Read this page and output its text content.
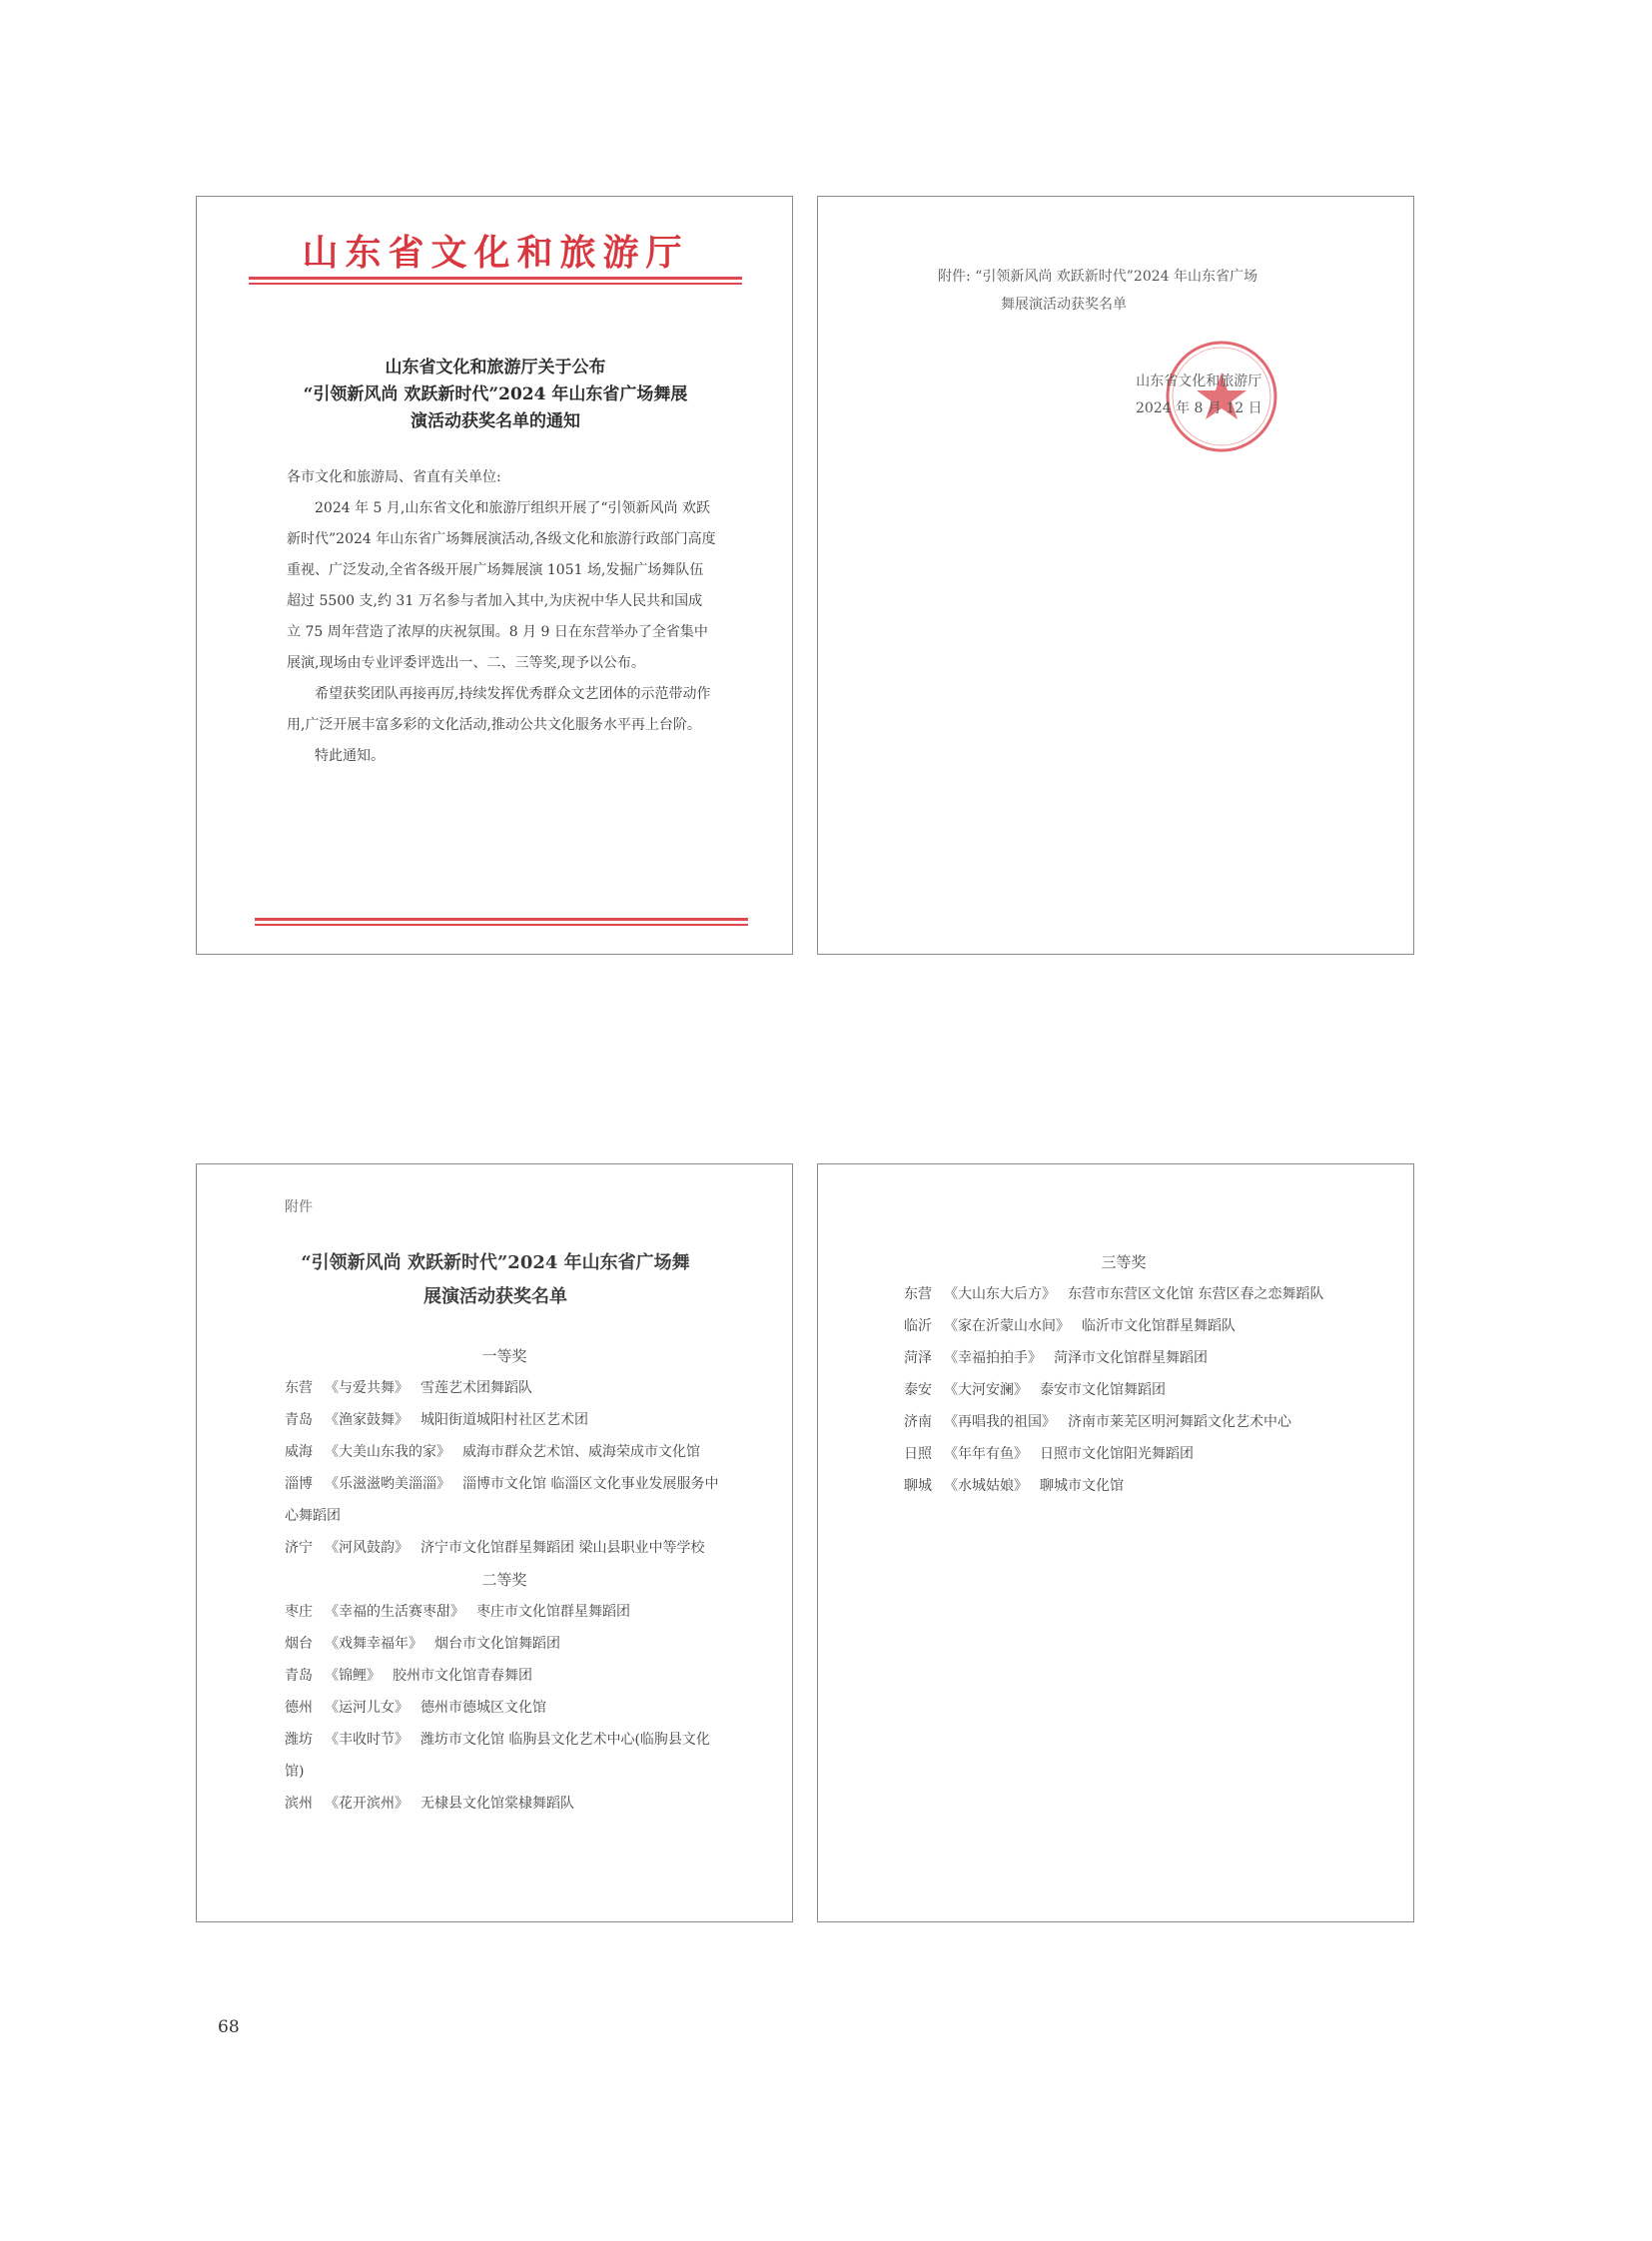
山东省文化和旅游厅
山东省文化和旅游厅关于公布
“引领新风尚 欢跃新时代”2024 年山东省广场舞展
演活动获奖名单的通知

各市文化和旅游局、省直有关单位:

2024 年 5 月,山东省文化和旅游厅组织开展了“引领新风尚 欢跃新时代”2024 年山东省广场舞展演活动,各级文化和旅游行政部门高度重视、广泛发动,全省各级开展广场舞展演 1051 场,发掘广场舞队伍超过 5500 支,约 31 万名参与者加入其中,为庆祝中华人民共和国成立 75 周年营造了浓厚的庆祝氛围。8 月 9 日在东营举办了全省集中展演,现场由专业评委评选出一、二、三等奖,现予以公布。

希望获奖团队再接再厉,持续发挥优秀群众文艺团体的示范带动作用,广泛开展丰富多彩的文化活动,推动公共文化服务水平再上台阶。

特此通知。

附件: “引领新风尚 欢跃新时代”2024 年山东省广场
舞展演活动获奖名单
山东省文化和旅游厅
2024 年 8 月 12 日
附件
“引领新风尚 欢跃新时代”2024 年山东省广场舞
展演活动获奖名单
一等奖
东营 《与爱共舞》 雪莲艺术团舞蹈队
青岛 《渔家鼓舞》 城阳街道城阳村社区艺术团
威海 《大美山东我的家》 威海市群众艺术馆、威海荣成市文化馆
淄博 《乐滋滋哟美淄淄》 淄博市文化馆 临淄区文化事业发展服务中心舞蹈团
济宁 《河风鼓韵》 济宁市文化馆群星舞蹈团 梁山县职业中等学校
二等奖
枣庄 《幸福的生活赛枣甜》 枣庄市文化馆群星舞蹈团
烟台 《戏舞幸福年》 烟台市文化馆舞蹈团
青岛 《锦鲤》 胶州市文化馆青春舞团
德州 《运河儿女》 德州市德城区文化馆
潍坊 《丰收时节》 潍坊市文化馆 临朐县文化艺术中心(临朐县文化馆)
滨州 《花开滨州》 无棣县文化馆棠棣舞蹈队
三等奖
东营 《大山东大后方》 东营市东营区文化馆 东营区春之恋舞蹈队
临沂 《家在沂蒙山水间》 临沂市文化馆群星舞蹈队
菏泽 《幸福拍拍手》 菏泽市文化馆群星舞蹈团
泰安 《大河安澜》 泰安市文化馆舞蹈团
济南 《再唱我的祖国》 济南市莱芜区明河舞蹈文化艺术中心
日照 《年年有鱼》 日照市文化馆阳光舞蹈团
聊城 《水城姑娘》 聊城市文化馆
68
